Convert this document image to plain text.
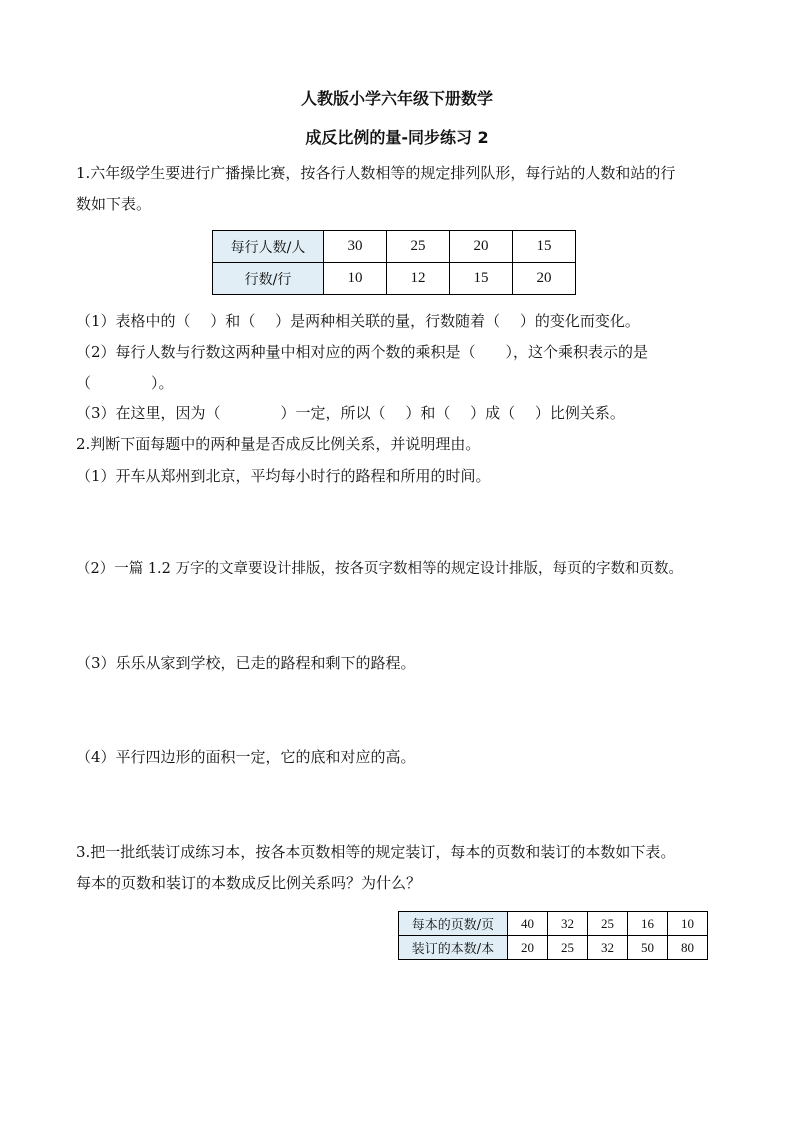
人教版小学六年级下册数学
成反比例的量-同步练习 2
1.六年级学生要进行广播操比赛，按各行人数相等的规定排列队形，每行站的人数和站的行
数如下表。
每行人数/人	30	25	20	15
行数/行	10	12	15	20
（1）表格中的（　 ）和（　 ）是两种相关联的量，行数随着（　 ）的变化而变化。
（2）每行人数与行数这两种量中相对应的两个数的乘积是（　　），这个乘积表示的是
（　　　　）。
（3）在这里，因为（　　　　）一定，所以（　 ）和（　 ）成（　 ）比例关系。
2.判断下面每题中的两种量是否成反比例关系，并说明理由。
（1）开车从郑州到北京，平均每小时行的路程和所用的时间。
（2）一篇 1.2 万字的文章要设计排版，按各页字数相等的规定设计排版，每页的字数和页数。
（3）乐乐从家到学校，已走的路程和剩下的路程。
（4）平行四边形的面积一定，它的底和对应的高。
3.把一批纸装订成练习本，按各本页数相等的规定装订，每本的页数和装订的本数如下表。
每本的页数和装订的本数成反比例关系吗？为什么？
每本的页数/页	40	32	25	16	10
装订的本数/本	20	25	32	50	80
